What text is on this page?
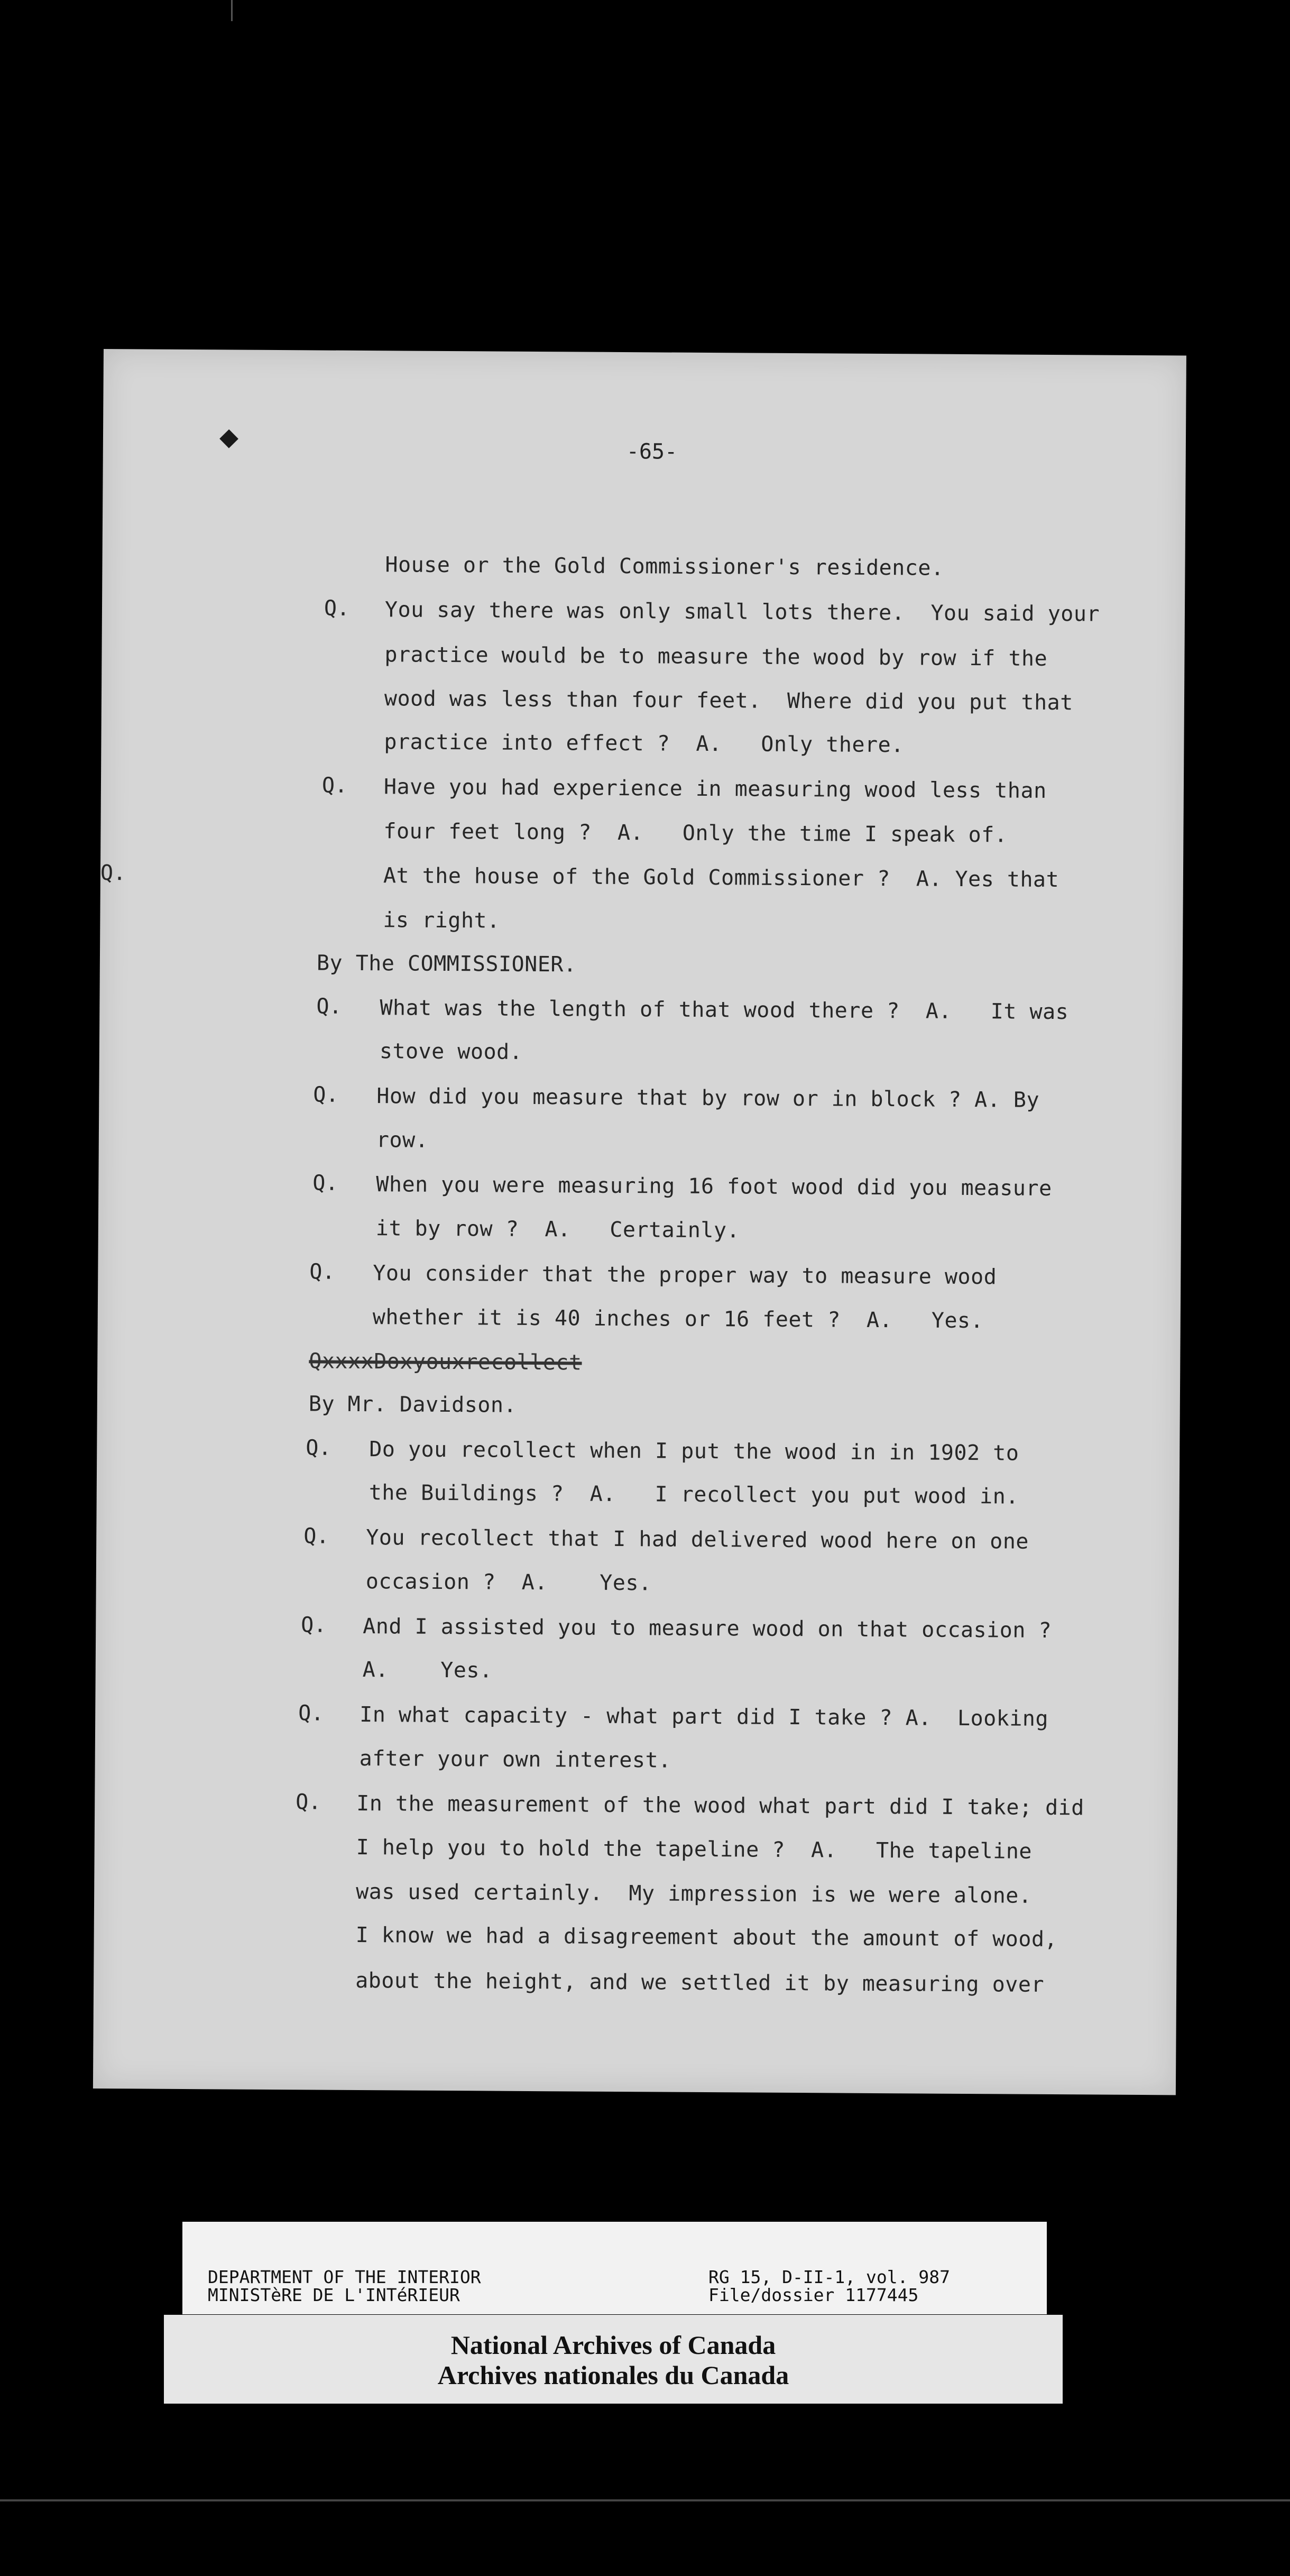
◆	-65-
House or the Gold Commissioner's residence.
Q. You say there was only small lots there.  You said your
practice would be to measure the wood by row if the
wood was less than four feet.  Where did you put that
practice into effect ?  A.   Only there.
Q. Have you had experience in measuring wood less than
four feet long ?  A.   Only the time I speak of.
Q.	At the house of the Gold Commissioner ?  A. Yes that
is right.
By The COMMISSIONER.
Q. What was the length of that wood there ?  A.   It was
stove wood.
Q. How did you measure that by row or in block ? A. By
row.
Q. When you were measuring 16 foot wood did you measure
it by row ?  A.   Certainly.
Q. You consider that the proper way to measure wood
whether it is 40 inches or 16 feet ?  A.   Yes.
QxxxxDoxyouxrecollect
By Mr. Davidson.
Q. Do you recollect when I put the wood in in 1902 to
the Buildings ?  A.   I recollect you put wood in.
Q. You recollect that I had delivered wood here on one
occasion ?  A.    Yes.
Q. And I assisted you to measure wood on that occasion ?
A.    Yes.
Q. In what capacity - what part did I take ? A.  Looking
after your own interest.
Q. In the measurement of the wood what part did I take; did
I help you to hold the tapeline ?  A.   The tapeline
was used certainly.  My impression is we were alone.
I know we had a disagreement about the amount of wood,
about the height, and we settled it by measuring over
DEPARTMENT OF THE INTERIOR
MINISTèRE DE L'INTéRIEUR
RG 15, D-II-1, vol. 987
File/dossier 1177445
National Archives of Canada
Archives nationales du Canada
